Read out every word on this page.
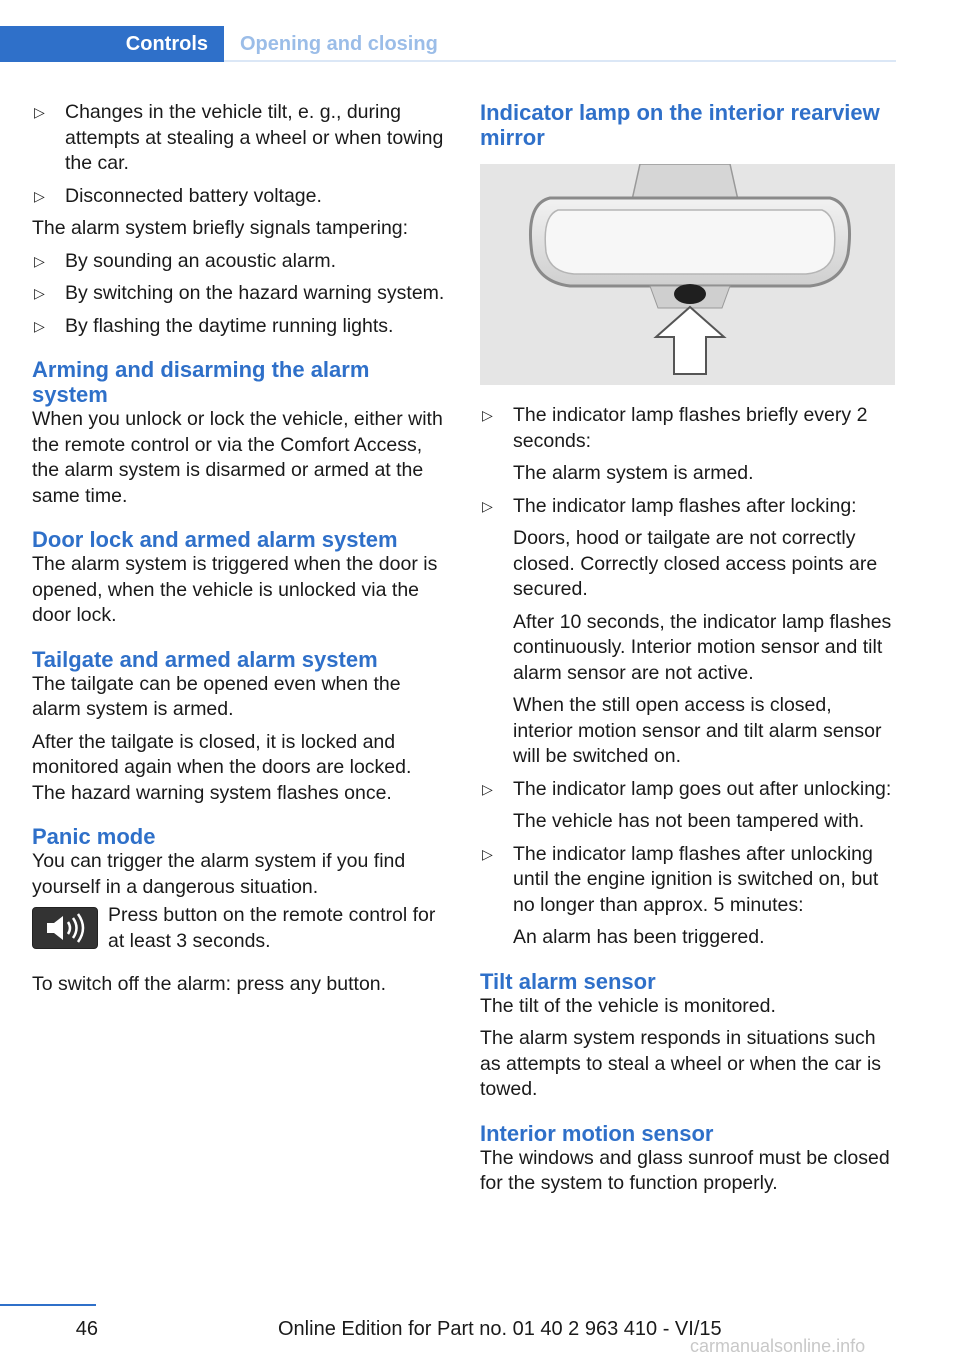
Controls	Opening and closing
▷ Changes in the vehicle tilt, e. g., during attempts at stealing a wheel or when towing the car.
▷ Disconnected battery voltage.

The alarm system briefly signals tampering:

▷ By sounding an acoustic alarm.
▷ By switching on the hazard warning system.
▷ By flashing the daytime running lights.
Arming and disarming the alarm system

When you unlock or lock the vehicle, either with the remote control or via the Comfort Access, the alarm system is disarmed or armed at the same time.

Door lock and armed alarm system

The alarm system is triggered when the door is opened, when the vehicle is unlocked via the door lock.

Tailgate and armed alarm system

The tailgate can be opened even when the alarm system is armed.

After the tailgate is closed, it is locked and monitored again when the doors are locked. The hazard warning system flashes once.

Panic mode

You can trigger the alarm system if you find yourself in a dangerous situation.

Press button on the remote control for at least 3 seconds.

To switch off the alarm: press any button.

Indicator lamp on the interior rearview mirror
▷ The indicator lamp flashes briefly every 2 seconds:

The alarm system is armed.

▷ The indicator lamp flashes after locking:

Doors, hood or tailgate are not correctly closed. Correctly closed access points are secured.

After 10 seconds, the indicator lamp flashes continuously. Interior motion sensor and tilt alarm sensor are not active.

When the still open access is closed, interior motion sensor and tilt alarm sensor will be switched on.

▷ The indicator lamp goes out after unlocking:

The vehicle has not been tampered with.

▷ The indicator lamp flashes after unlocking until the engine ignition is switched on, but no longer than approx. 5 minutes:

An alarm has been triggered.

Tilt alarm sensor

The tilt of the vehicle is monitored.

The alarm system responds in situations such as attempts to steal a wheel or when the car is towed.

Interior motion sensor

The windows and glass sunroof must be closed for the system to function properly.

46	Online Edition for Part no. 01 40 2 963 410 - VI/15
carmanualsonline.info
